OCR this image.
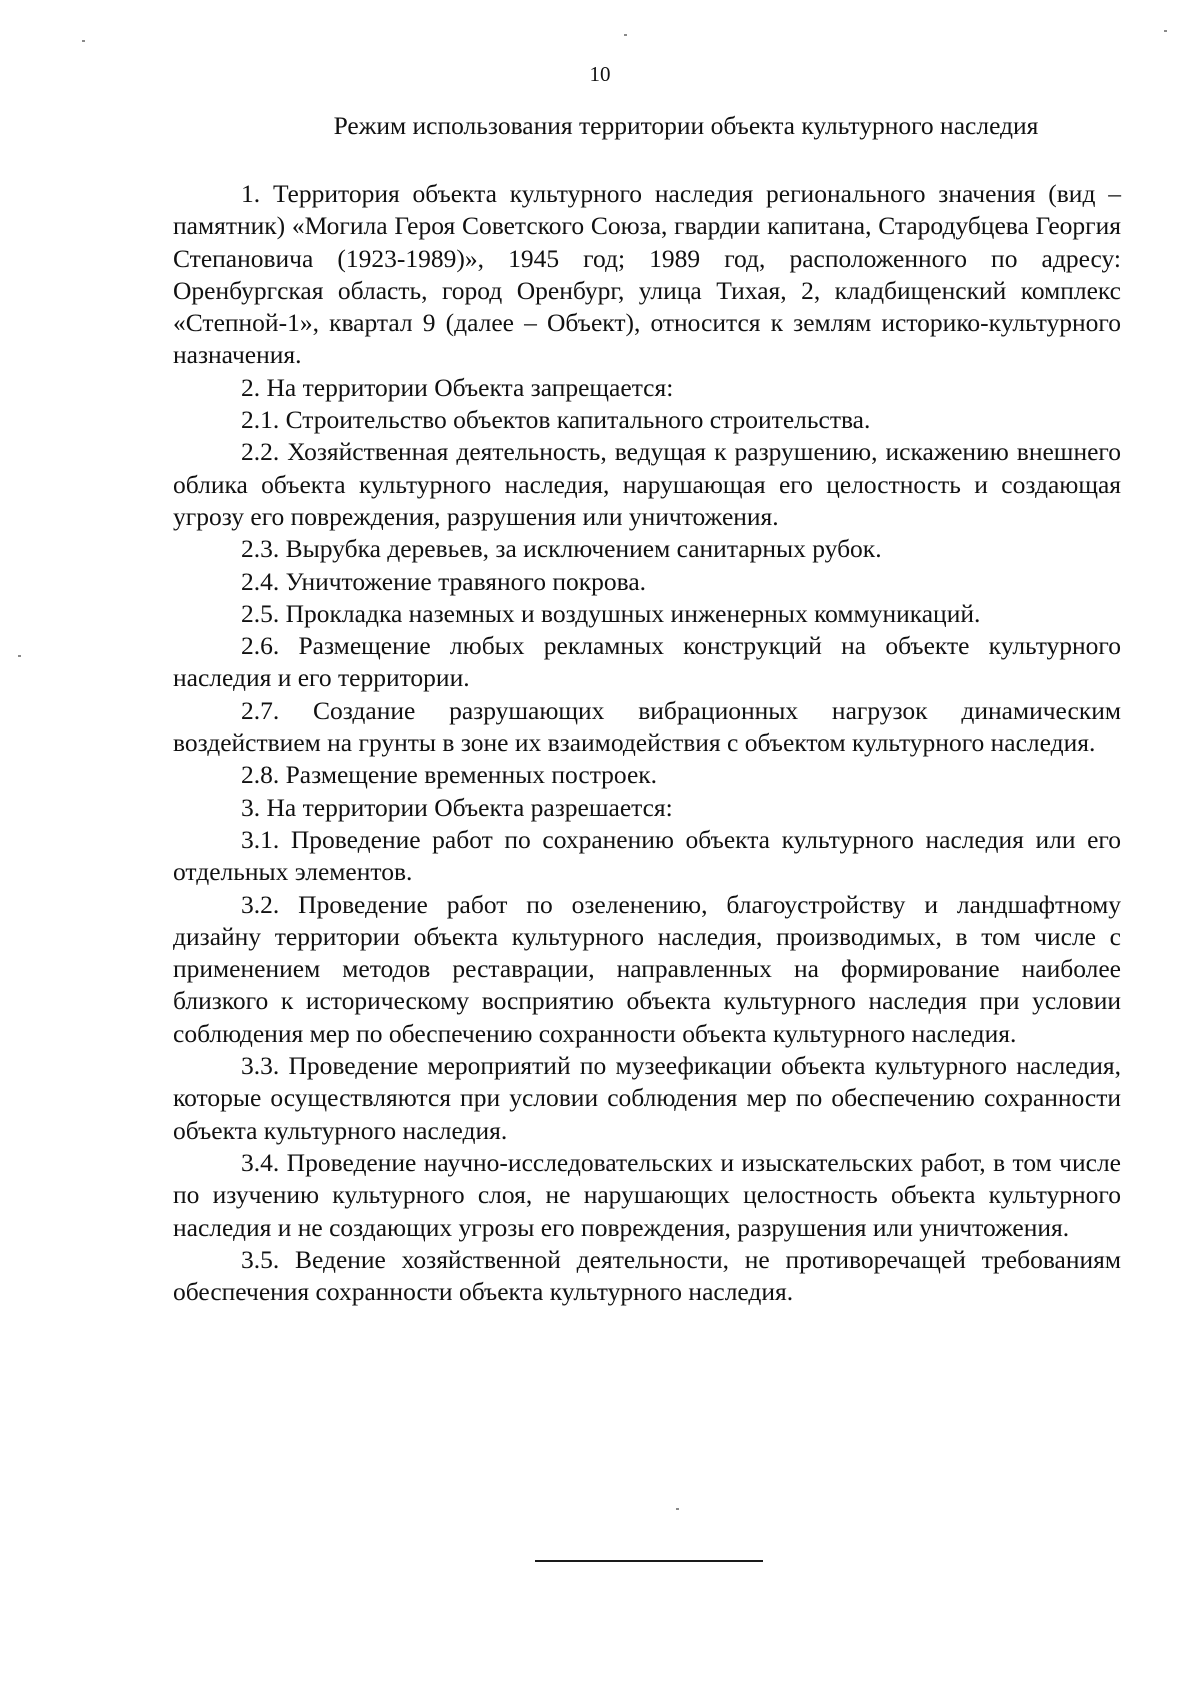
10
Режим использования территории объекта культурного наследия

1. Территория объекта культурного наследия регионального значения (вид – памятник) «Могила Героя Советского Союза, гвардии капитана, Стародубцева Георгия Степановича (1923-1989)», 1945 год; 1989 год, расположенного по адресу: Оренбургская область, город Оренбург, улица Тихая, 2, кладбищенский комплекс «Степной-1», квартал 9 (далее – Объект), относится к землям историко-культурного назначения.

2. На территории Объекта запрещается:

2.1. Строительство объектов капитального строительства.

2.2. Хозяйственная деятельность, ведущая к разрушению, искажению внешнего облика объекта культурного наследия, нарушающая его целостность и создающая угрозу его повреждения, разрушения или уничтожения.

2.3. Вырубка деревьев, за исключением санитарных рубок.

2.4. Уничтожение травяного покрова.

2.5. Прокладка наземных и воздушных инженерных коммуникаций.

2.6. Размещение любых рекламных конструкций на объекте культурного наследия и его территории.

2.7. Создание разрушающих вибрационных нагрузок динамическим воздействием на грунты в зоне их взаимодействия с объектом культурного наследия.

2.8. Размещение временных построек.

3. На территории Объекта разрешается:

3.1. Проведение работ по сохранению объекта культурного наследия или его отдельных элементов.

3.2. Проведение работ по озеленению, благоустройству и ландшафтному дизайну территории объекта культурного наследия, производимых, в том числе с применением методов реставрации, направленных на формирование наиболее близкого к историческому восприятию объекта культурного наследия при условии соблюдения мер по обеспечению сохранности объекта культурного наследия.

3.3. Проведение мероприятий по музеефикации объекта культурного наследия, которые осуществляются при условии соблюдения мер по обеспечению сохранности объекта культурного наследия.

3.4. Проведение научно-исследовательских и изыскательских работ, в том числе по изучению культурного слоя, не нарушающих целостность объекта культурного наследия и не создающих угрозы его повреждения, разрушения или уничтожения.

3.5. Ведение хозяйственной деятельности, не противоречащей требованиям обеспечения сохранности объекта культурного наследия.
